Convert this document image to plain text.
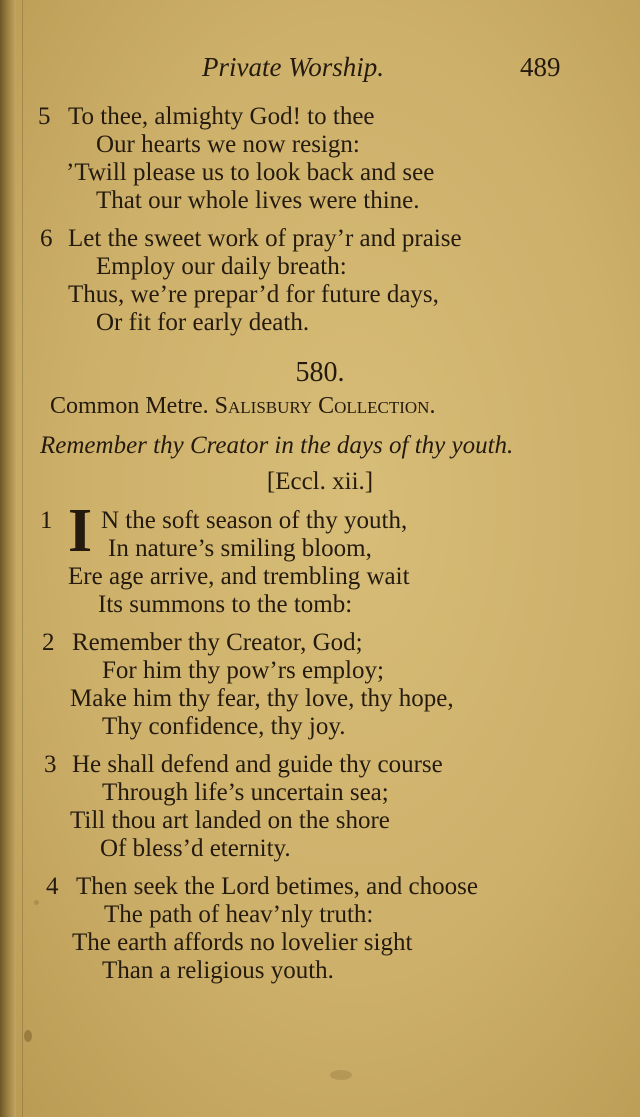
Private Worship.	489
5 To thee, almighty God! to thee
Our hearts we now resign:
’Twill please us to look back and see
That our whole lives were thine.
6 Let the sweet work of pray’r and praise
Employ our daily breath:
Thus, we’re prepar’d for future days,
Or fit for early death.
580.
Common Metre. Salisbury Collection.
Remember thy Creator in the days of thy youth.
[Eccl. xii.]
1 I N the soft season of thy youth,
In nature’s smiling bloom,
Ere age arrive, and trembling wait
Its summons to the tomb:
2 Remember thy Creator, God;
For him thy pow’rs employ;
Make him thy fear, thy love, thy hope,
Thy confidence, thy joy.
3 He shall defend and guide thy course
Through life’s uncertain sea;
Till thou art landed on the shore
Of bless’d eternity.
4 Then seek the Lord betimes, and choose
The path of heav’nly truth:
The earth affords no lovelier sight
Than a religious youth.
